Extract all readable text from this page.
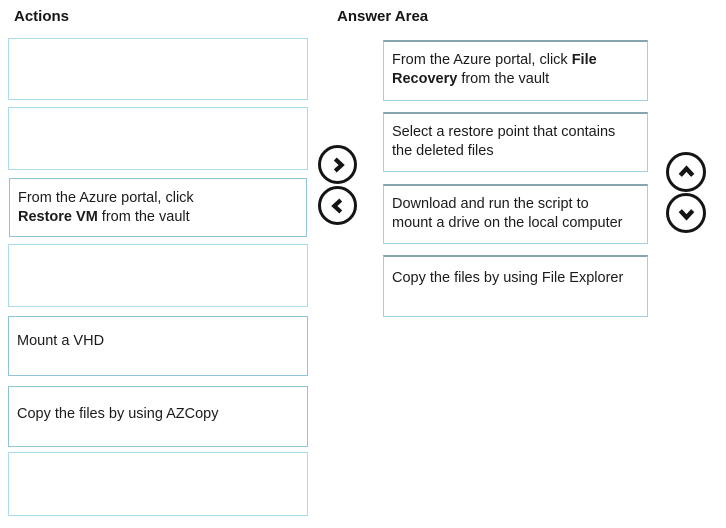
Actions	Answer Area
From the Azure portal, click
Restore VM from the vault
Mount a VHD
Copy the files by using AZCopy
From the Azure portal, click File
Recovery from the vault
Select a restore point that contains
the deleted files
Download and run the script to
mount a drive on the local computer
Copy the files by using File Explorer
